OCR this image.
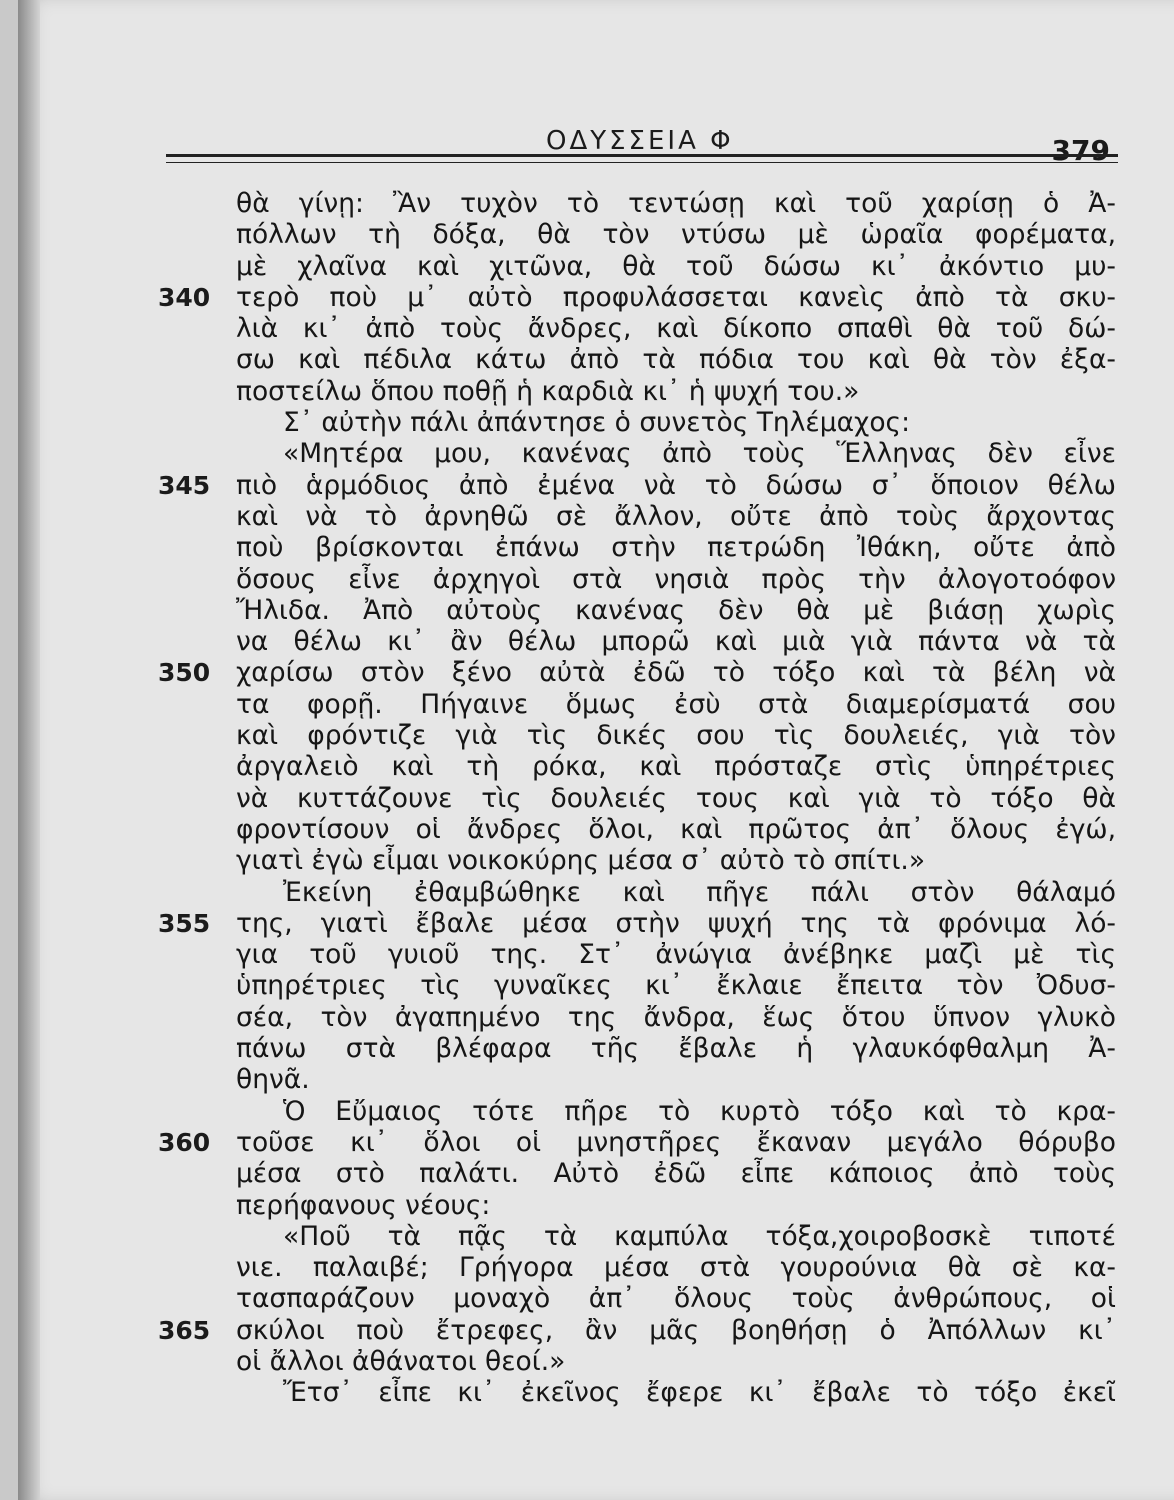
ΟΔΥΣΣΕΙΑ Φ	379
θὰ γίνῃ: Ἂν τυχὸν τὸ τεντώσῃ καὶ τοῦ χαρίσῃ ὁ Ἀ-
πόλλων τὴ δόξα, θὰ τὸν ντύσω μὲ ὡραῖα φορέματα,
μὲ χλαῖνα καὶ χιτῶνα, θὰ τοῦ δώσω κι᾿ ἀκόντιο μυ-
340 τερὸ ποὺ μ᾿ αὐτὸ προφυλάσσεται κανεὶς ἀπὸ τὰ σκυ-
λιὰ κι᾿ ἀπὸ τοὺς ἄνδρες, καὶ δίκοπο σπαθὶ θὰ τοῦ δώ-
σω καὶ πέδιλα κάτω ἀπὸ τὰ πόδια του καὶ θὰ τὸν ἐξα-
ποστείλω ὅπου ποθῇ ἡ καρδιὰ κι᾿ ἡ ψυχή του.»
Σ᾿ αὐτὴν πάλι ἀπάντησε ὁ συνετὸς Τηλέμαχος:
«Μητέρα μου, κανένας ἀπὸ τοὺς Ἕλληνας δὲν εἶνε
345 πιὸ ἁρμόδιος ἀπὸ ἐμένα νὰ τὸ δώσω σ᾿ ὅποιον θέλω
καὶ νὰ τὸ ἀρνηθῶ σὲ ἄλλον, οὔτε ἀπὸ τοὺς ἄρχοντας
ποὺ βρίσκονται ἐπάνω στὴν πετρώδη Ἰθάκη, οὔτε ἀπὸ
ὅσους εἶνε ἀρχηγοὶ στὰ νησιὰ πρὸς τὴν ἀλογοτοόφον
Ἤλιδα. Ἀπὸ αὐτοὺς κανένας δὲν θὰ μὲ βιάσῃ χωρὶς
να θέλω κι᾿ ἂν θέλω μπορῶ καὶ μιὰ γιὰ πάντα νὰ τὰ
350 χαρίσω στὸν ξένο αὐτὰ ἐδῶ τὸ τόξο καὶ τὰ βέλη νὰ
τα φορῇ. Πήγαινε ὅμως ἐσὺ στὰ διαμερίσματά σου
καὶ φρόντιζε γιὰ τὶς δικές σου τὶς δουλειές, γιὰ τὸν
ἀργαλειὸ καὶ τὴ ρόκα, καὶ πρόσταζε στὶς ὑπηρέτριες
νὰ κυττάζουνε τὶς δουλειές τους καὶ γιὰ τὸ τόξο θὰ
φροντίσουν οἱ ἄνδρες ὅλοι, καὶ πρῶτος ἀπ᾿ ὅλους ἐγώ,
γιατὶ ἐγὼ εἶμαι νοικοκύρης μέσα σ᾿ αὐτὸ τὸ σπίτι.»
Ἐκείνη ἐθαμβώθηκε καὶ πῆγε πάλι στὸν θάλαμό
355 της, γιατὶ ἔβαλε μέσα στὴν ψυχή της τὰ φρόνιμα λό-
για τοῦ γυιοῦ της. Στ᾿ ἀνώγια ἀνέβηκε μαζὶ μὲ τὶς
ὑπηρέτριες τὶς γυναῖκες κι᾿ ἔκλαιε ἔπειτα τὸν Ὀδυσ-
σέα, τὸν ἀγαπημένο της ἄνδρα, ἕως ὅτου ὕπνον γλυκὸ
πάνω στὰ βλέφαρα τῆς ἔβαλε ἡ γλαυκόφθαλμη Ἀ-
θηνᾶ.
Ὁ Εὔμαιος τότε πῆρε τὸ κυρτὸ τόξο καὶ τὸ κρα-
360 τοῦσε κι᾿ ὅλοι οἱ μνηστῆρες ἔκαναν μεγάλο θόρυβο
μέσα στὸ παλάτι. Αὐτὸ ἐδῶ εἶπε κάποιος ἀπὸ τοὺς
περήφανους νέους:
«Ποῦ τὰ πᾷς τὰ καμπύλα τόξα,χοιροβοσκὲ τιποτέ
νιε. παλαιβέ; Γρήγορα μέσα στὰ γουρούνια θὰ σὲ κα-
τασπαράζουν μοναχὸ ἀπ᾿ ὅλους τοὺς ἀνθρώπους, οἱ
365 σκύλοι ποὺ ἔτρεφες, ἂν μᾶς βοηθήσῃ ὁ Ἀπόλλων κι᾿
οἱ ἄλλοι ἀθάνατοι θεοί.»
Ἔτσ᾿ εἶπε κι᾿ ἐκεῖνος ἔφερε κι᾿ ἔβαλε τὸ τόξο ἐκεῖ
